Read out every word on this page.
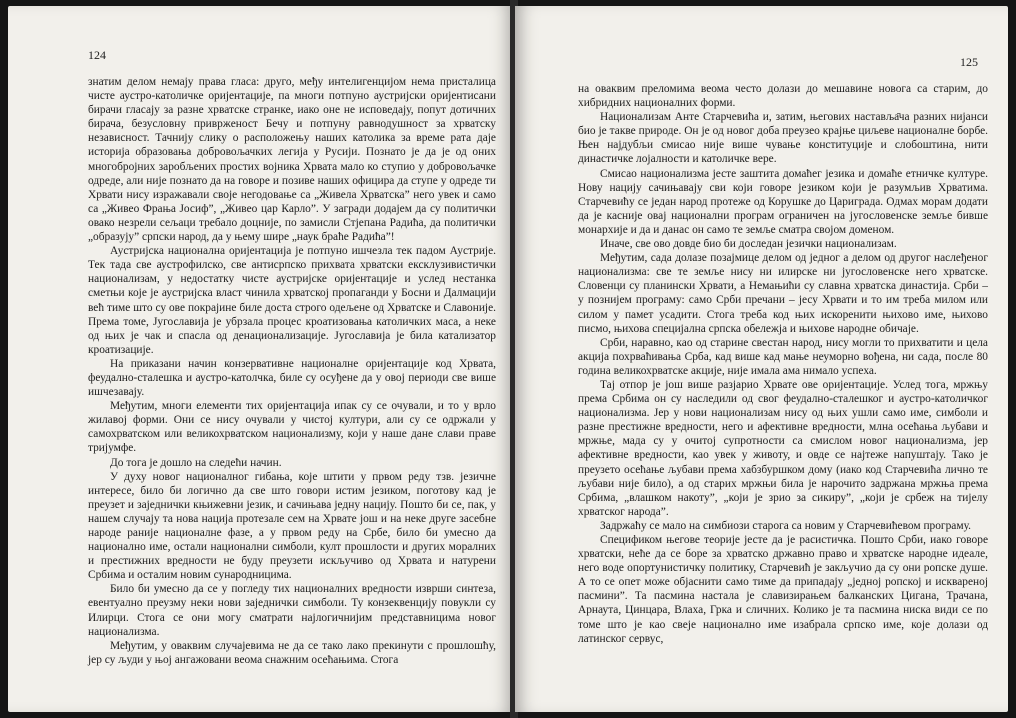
124

знатим делом немају права гласа: друго, међу интелигенцијом нема присталица чисте аустро-католичке оријентације, па многи потпуно аустријски оријентисани бирачи гласају за разне хрватске странке, иако оне не исповедају, попут дотичних бирача, безусловну привржeност Бечу и потпуну равнодушност за хрватску независност. Тачнију слику о расположењу наших католика за време рата даје историја образовања добровољачких легија у Русији. Познато је да је од оних многобројних заробљених простих војника Хрвата мало ко ступио у добровољачке одреде, али није познато да на говоре и позиве наших официра да ступе у одреде ти Хрвати нису изражавали своје негодовање са „Живела Хрватска” него увек и само са „Живео Фрања Јосиф”, „Живео цар Карло”. У загради додајем да су политички овако незрели сељаци требало доцније, по замисли Стјепана Радића, да политички „образују” српски народ, да у њему шире „наук браће Радића”!

Аустријска национална оријентација је потпуно ишчезла тек падом Аустрије. Тек тада све аустрофилско, све антисрпско прихвата хрватски ексклузивистички национализам, у недостатку чисте аустријске оријентације и услед нестанка сметњи које је аустријска власт чинила хрватској пропаганди у Босни и Далмацији већ тиме што су ове покрајине биле доста строго одељене од Хрватске и Славоније. Према томе, Југославија је убрзала процес кроатизовања католичких маса, а неке од њих је чак и спасла од денационализације. Југославија је била катализатор кроатизације.

На приказани начин конзервативне националне оријентације код Хрвата, феудално-сталешка и аустро-католчка, биле су осуђене да у овој периоди све више ишчезавају.

Међутим, многи елементи тих оријентација ипак су се очували, и то у врло жилавој форми. Они се нису очували у чистој култури, али су се одржали у самохрватском или великохрватском национализму, који у наше дане слави праве тријумфе.

До тога је дошло на следећи начин.

У духу новог националног гибања, које штити у првом реду тзв. језичне интересе, било би логично да све што говори истим језиком, поготову кад је преузет и заједнички књижевни језик, и сачињава једну нацију. Пошто би се, пак, у нашем случају та нова нација протезале сем на Хрвате још и на неке друге засебне народе раније националне фазе, а у првом реду на Србе, било би умесно да национално име, остали национални симболи, култ прошлости и других моралних и престижних вредности не буду преузети искључиво од Хрвата и натурени Србима и осталим новим сународницима.

Било би умесно да се у погледу тих националних вредности изврши синтеза, евентуално преузму неки нови заједнички симболи. Ту конзеквенцију повукли су Илирци. Стога се они могу сматрати најлогичнијим представницима новог национализма.

Међутим, у оваквим случајевима не да се тако лако прекинути с прошлошћу, јер су људи у њој ангажовани веома снажним осећањима. Стога

125

на оваквим преломима веома често долази до мешавине новога са старим, до хибридних националних форми.

Национализам Анте Старчевића и, затим, његових наставља̄ча разних нијанси био је такве природе. Он је од новог доба преузео крајње циљеве националне борбе. Њен најдубљи смисао није више чување конституције и слобоштина, нити династичке лојалности и католичке вере.

Смисао национализма јесте заштита домаћег језика и домаће етничке културе. Нову нацију сачињавају сви који говоре језиком који је разумљив Хрватима. Старчевићу се један народ протеже од Корушке до Цариграда. Одмах морам додати да је касније овај национални програм ограничен на југословенске земље бивше монархије и да и данас он само те земље сматра својом доменом.

Иначе, све ово довде био би доследан језички национализам.

Међутим, сада долазе позајмице делом од једног а делом од другог наслеђеног национализма: све те земље нису ни илирске ни југословенске него хрватске. Словенци су планински Хрвати, а Немањићи су славна хрватска династија. Срби – у познијем програму: само Срби пречани – јесу Хрвати и то им треба милом или силом у памет усадити. Стога треба код њих искоренити њихово име, њихово писмо, њихова специјална српска обележја и њихове народне обичаје.

Срби, наравно, као од старине свестан народ, нису могли то прихватити и цела акција похрваћивања Срба, кад више кад мање неуморно вођена, ни сада, после 80 година великохрватске акције, није имала ама нимало успеха.

Тај отпор је још више разјарио Хрвате ове оријентације. Услед тога, мржњу према Србима он су наследили од свог феудално-сталешког и аустро-католичког национализма. Јер у нови национализам нису од њих ушли само име, симболи и разне престижне вредности, него и афективне вредности, млна осећања љубави и мржње, мада су у очитој супротности са смислом новог национализма, јер афективне вредности, као увек у животу, и овде се најтеже напуштају. Тако је преузето осећање љубави према хабзбуршком дому (иако код Старчевића лично те љубави није било), а од старих мржњи била је нарочито задржана мржња према Србима, „влашком накоту”, „који је зрио за сикиру”, „који је србеж на тијелу хрватског народа”.

Задржаћу се мало на симбиози старога са новим у Старчевићевом програму.

Спецификом његове теорије јесте да је расистичка. Пошто Срби, иако говоре хрватски, неће да се боре за хрватско државно право и хрватске народне идеале, него воде опортунистичку политику, Старчевић је закључио да су они ропске душе. А то се опет може објаснити само тиме да припадају „једној ропској и искваренoј пасмини”. Та пасмина настала је славизирањем балканских Цигана, Трачана, Арнаута, Цинцара, Влаха, Грка и сличних. Колико је та пасмина ниска види се по томе што је као свеје национално име изабрала српско име, које долази од латинског сервус,
